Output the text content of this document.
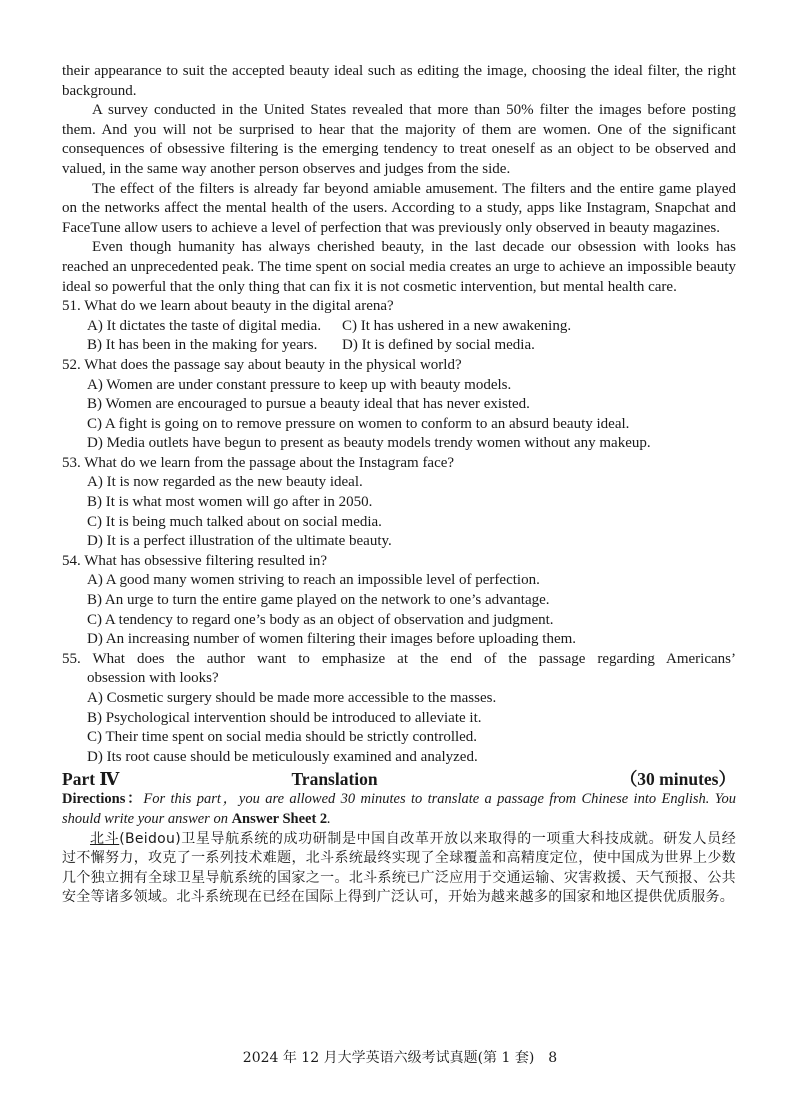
their appearance to suit the accepted beauty ideal such as editing the image, choosing the ideal filter, the right background.

A survey conducted in the United States revealed that more than 50% filter the images before posting them. And you will not be surprised to hear that the majority of them are women. One of the significant consequences of obsessive filtering is the emerging tendency to treat oneself as an object to be observed and valued, in the same way another person observes and judges from the side.

The effect of the filters is already far beyond amiable amusement. The filters and the entire game played on the networks affect the mental health of the users. According to a study, apps like Instagram, Snapchat and FaceTune allow users to achieve a level of perfection that was previously only observed in beauty magazines.

Even though humanity has always cherished beauty, in the last decade our obsession with looks has reached an unprecedented peak. The time spent on social media creates an urge to achieve an impossible beauty ideal so powerful that the only thing that can fix it is not cosmetic intervention, but mental health care.

51. What do we learn about beauty in the digital arena?
A) It dictates the taste of digital media.	C) It has ushered in a new awakening.
B) It has been in the making for years.	D) It is defined by social media.
52. What does the passage say about beauty in the physical world?
A) Women are under constant pressure to keep up with beauty models.
B) Women are encouraged to pursue a beauty ideal that has never existed.
C) A fight is going on to remove pressure on women to conform to an absurd beauty ideal.
D) Media outlets have begun to present as beauty models trendy women without any makeup.
53. What do we learn from the passage about the Instagram face?
A) It is now regarded as the new beauty ideal.
B) It is what most women will go after in 2050.
C) It is being much talked about on social media.
D) It is a perfect illustration of the ultimate beauty.
54. What has obsessive filtering resulted in?
A) A good many women striving to reach an impossible level of perfection.
B) An urge to turn the entire game played on the network to one’s advantage.
C) A tendency to regard one’s body as an object of observation and judgment.
D) An increasing number of women filtering their images before uploading them.
55. What does the author want to emphasize at the end of the passage regarding Americans’
obsession with looks?
A) Cosmetic surgery should be made more accessible to the masses.
B) Psychological intervention should be introduced to alleviate it.
C) Their time spent on social media should be strictly controlled.
D) Its root cause should be meticulously examined and analyzed.
Part Ⅳ	Translation	（30 minutes）

Directions：For this part，you are allowed 30 minutes to translate a passage from Chinese into English. You should write your answer on Answer Sheet 2.

北斗(Beidou)卫星导航系统的成功研制是中国自改革开放以来取得的一项重大科技成就。研发人员经过不懈努力，攻克了一系列技术难题，北斗系统最终实现了全球覆盖和高精度定位，使中国成为世界上少数几个独立拥有全球卫星导航系统的国家之一。北斗系统已广泛应用于交通运输、灾害救援、天气预报、公共安全等诸多领域。北斗系统现在已经在国际上得到广泛认可，开始为越来越多的国家和地区提供优质服务。

2024 年 12 月大学英语六级考试真题(第 1 套)　8
